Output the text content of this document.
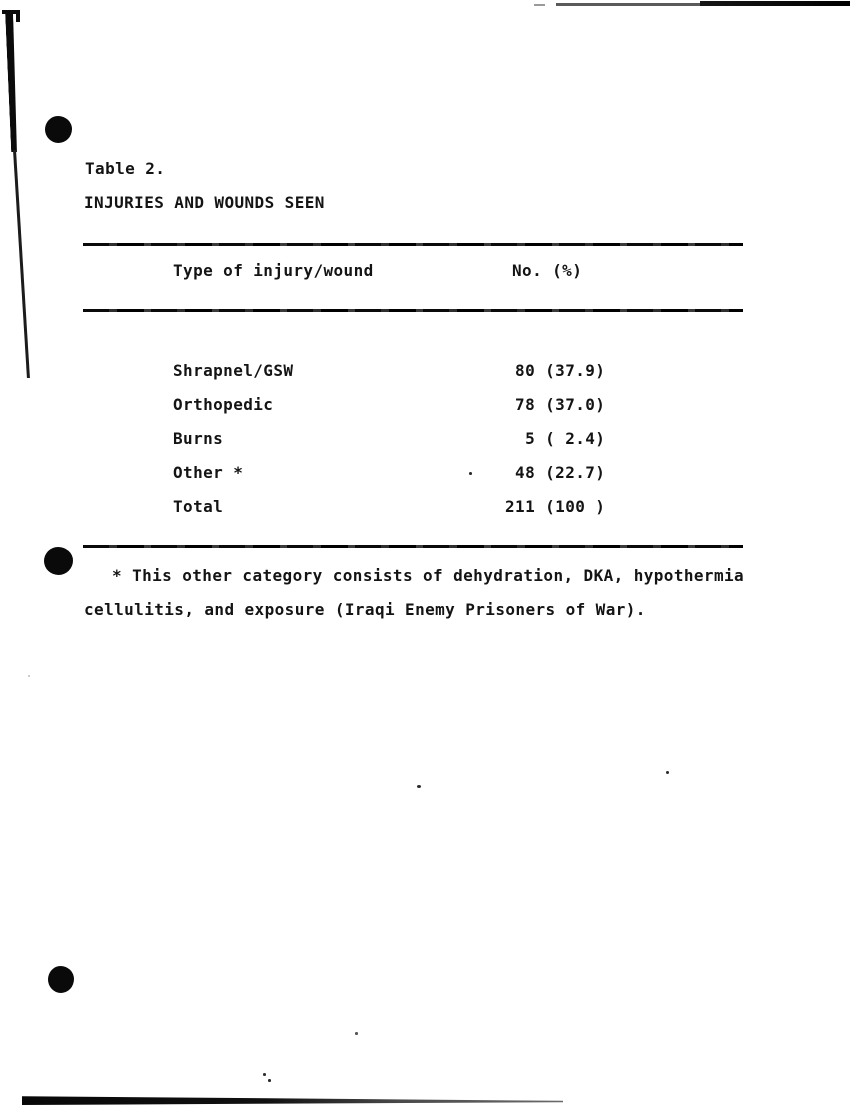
Table 2.
INJURIES AND WOUNDS SEEN
Type of injury/wound	No. (%)
Shrapnel/GSW	80 (37.9)
Orthopedic	78 (37.0)
Burns	5 ( 2.4)
Other *	48 (22.7)
Total	211 (100 )
* This other category consists of dehydration, DKA, hypothermia
cellulitis, and exposure (Iraqi Enemy Prisoners of War).
